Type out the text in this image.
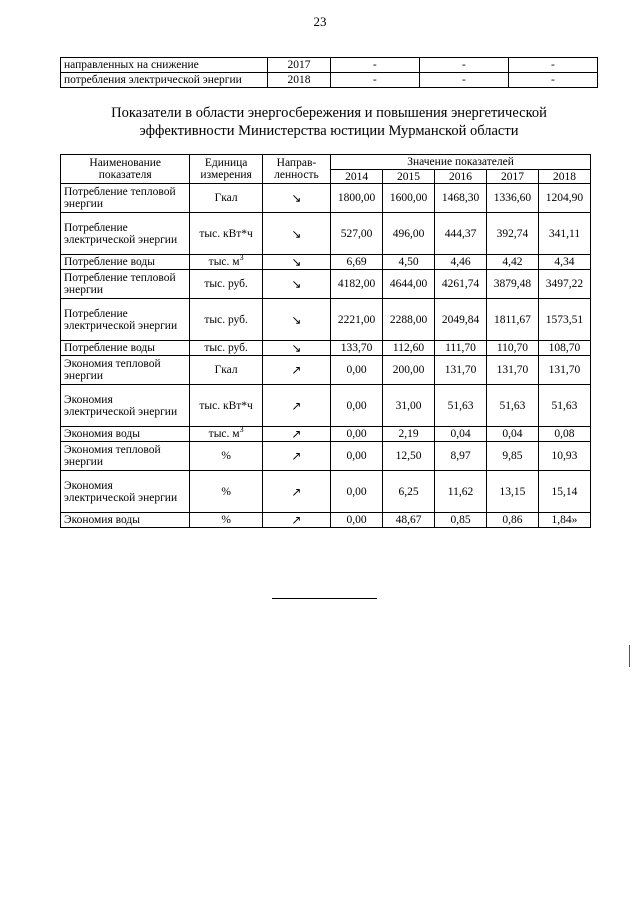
23
направленных на снижение	2017	-	-	-
потребления электрической энергии	2018	-	-	-
Показатели в области энергосбережения и повышения энергетической
эффективности Министерства юстиции Мурманской области
Наименование показателя	Единица измерения	Направ-ленность	Значение показателей				
			2014	2015	2016	2017	2018
Потребление тепловой энергии	Гкал	↘	1800,00	1600,00	1468,30	1336,60	1204,90
Потребление электрической энергии	тыс. кВт*ч	↘	527,00	496,00	444,37	392,74	341,11
Потребление воды	тыс. $м^3$	↘	6,69	4,50	4,46	4,42	4,34
Потребление тепловой энергии	тыс. руб.	↘	4182,00	4644,00	4261,74	3879,48	3497,22
Потребление электрической энергии	тыс. руб.	↘	2221,00	2288,00	2049,84	1811,67	1573,51
Потребление воды	тыс. руб.	↘	133,70	112,60	111,70	110,70	108,70
Экономия тепловой энергии	Гкал	↗	0,00	200,00	131,70	131,70	131,70
Экономия электрической энергии	тыс. кВт*ч	↗	0,00	31,00	51,63	51,63	51,63
Экономия воды	тыс. $м^3$	↗	0,00	2,19	0,04	0,04	0,08
Экономия тепловой энергии	%	↗	0,00	12,50	8,97	9,85	10,93
Экономия электрической энергии	%	↗	0,00	6,25	11,62	13,15	15,14
Экономия воды	%	↗	0,00	48,67	0,85	0,86	1,84»
